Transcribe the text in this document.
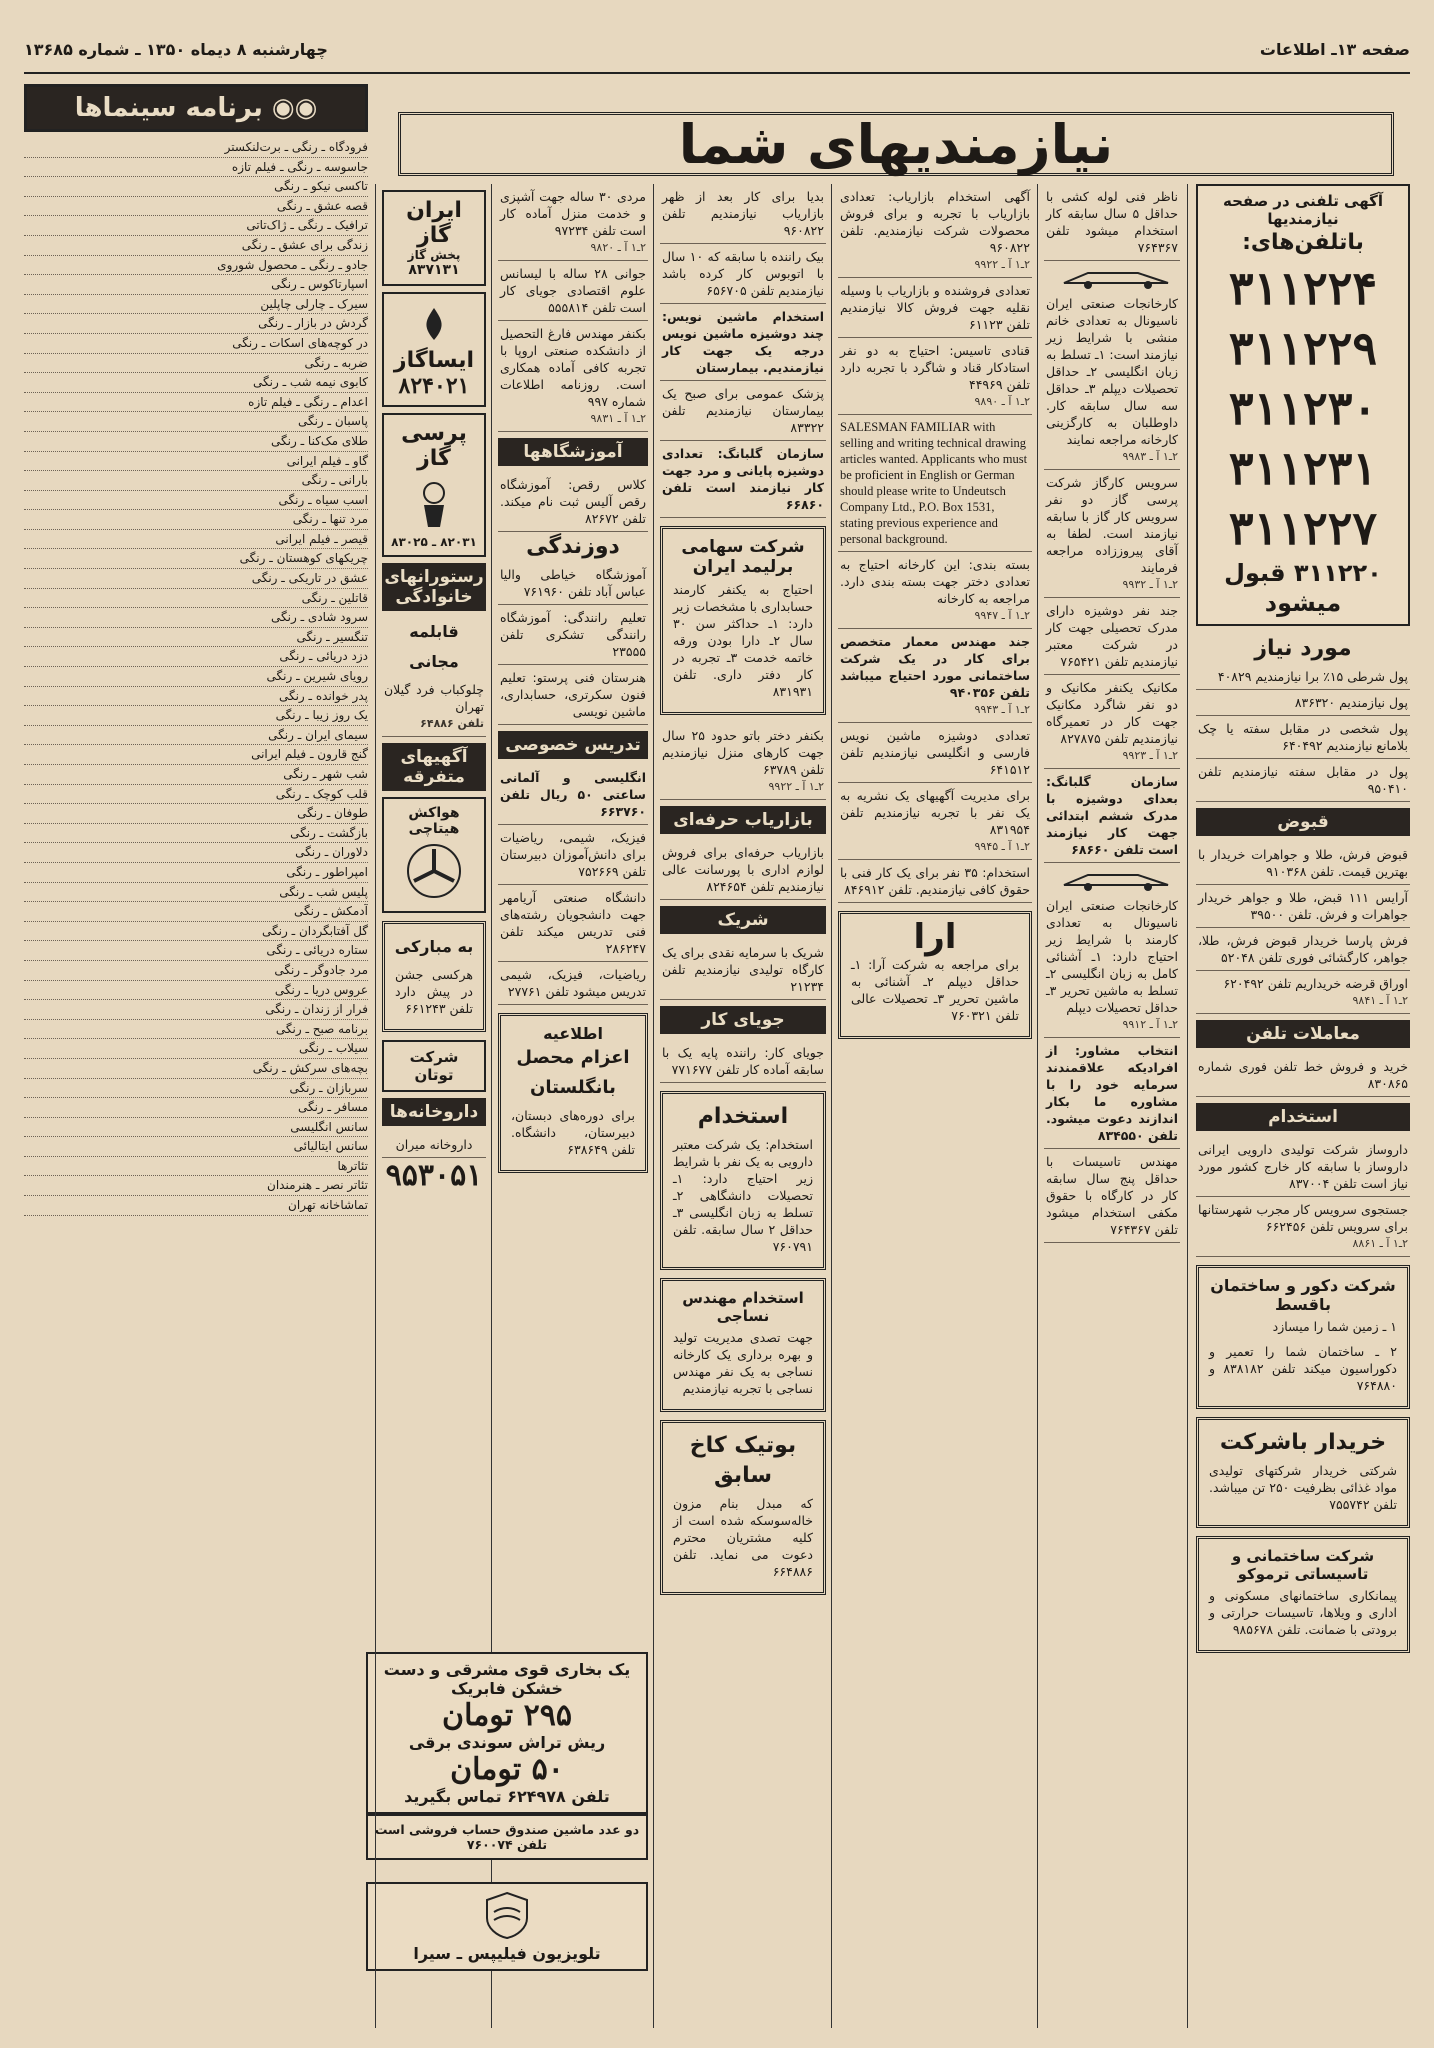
صفحه ۱۳ـ اطلاعات
چهارشنبه ۸ دیماه ۱۳۵۰ ـ شماره ۱۳۶۸۵
نیازمندیهای شما
آگهی تلفنی در صفحه نیازمندیها
باتلفن‌های:
۳۱۱۲۲۴
۳۱۱۲۲۹
۳۱۱۲۳۰
۳۱۱۲۳۱
۳۱۱۲۲۷
۳۱۱۲۲۰ قبول میشود
مورد نیاز
پول شرطی ۱۵٪ برا نیازمندیم ۴۰۸۲۹
پول نیازمندیم ۸۳۶۳۲۰
پول شخصی در مقابل سفته یا چک بلامانع نیازمندیم ۶۴۰۴۹۲
پول در مقابل سفته نیازمندیم تلفن ۹۵۰۴۱۰
قبوض
قبوض فرش، طلا و جواهرات خریدار با بهترین قیمت. تلفن ۹۱۰۳۶۸
آرایس ۱۱۱ قبض، طلا و جواهر خریدار جواهرات و فرش. تلفن ۳۹۵۰۰
فرش پارسا خریدار قبوض فرش، طلا، جواهر، کارگشائی فوری تلفن ۵۲۰۴۸
اوراق قرضه خریداریم تلفن ۶۲۰۴۹۲
۲ـ۱ آ ـ ۹۸۴۱
معاملات تلفن
خرید و فروش خط تلفن فوری شماره ۸۳۰۸۶۵
استخدام
داروساز شرکت تولیدی دارویی ایرانی داروساز با سابقه کار خارج کشور مورد نیاز است تلفن ۸۳۷۰۰۴
جستجوی سرویس کار مجرب شهرستانها برای سرویس تلفن ۶۶۲۴۵۶
۲ـ۱ آ ـ ۸۸۶۱
شرکت دکور و ساختمان باقسط
۱ ـ زمین شما را میسازد
۲ ـ ساختمان شما را تعمیر و دکوراسیون میکند تلفن ۸۳۸۱۸۲ و ۷۶۴۸۸۰
خریدار باشرکت
شرکتی خریدار شرکتهای تولیدی مواد غذائی بظرفیت ۲۵۰ تن میباشد. تلفن ۷۵۵۷۴۲
شرکت ساختمانی و تاسیساتی ترموکو
پیمانکاری ساختمانهای مسکونی و اداری و ویلاها، تاسیسات حرارتی و برودتی با ضمانت. تلفن ۹۸۵۶۷۸
ناظر فنی لوله کشی با حداقل ۵ سال سابقه کار استخدام میشود تلفن ۷۶۴۳۶۷
کارخانجات صنعتی ایران ناسیونال به تعدادی خانم منشی با شرایط زیر نیازمند است: ۱ـ تسلط به زبان انگلیسی ۲ـ حداقل تحصیلات دیپلم ۳ـ حداقل سه سال سابقه کار. داوطلبان به کارگزینی کارخانه مراجعه نمایند
۲ـ۱ آ ـ ۹۹۸۳
سرویس کارگاز شرکت پرسی گاز دو نفر سرویس کار گاز با سابقه نیازمند است. لطفا به آقای پیروززاده مراجعه فرمایند
۲ـ۱ آ ـ ۹۹۳۲
جند نفر دوشیزه دارای مدرک تحصیلی جهت کار در شرکت معتبر نیازمندیم تلفن ۷۶۵۴۲۱
مکانیک یکنفر مکانیک و دو نفر شاگرد مکانیک جهت کار در تعمیرگاه نیازمندیم تلفن ۸۲۷۸۷۵
۲ـ۱ آ ـ ۹۹۲۳
سازمان گلبانگ: بعدای دوشیزه با مدرک ششم ابتدائی جهت کار نیازمند است تلفن ۶۸۶۶۰
کارخانجات صنعتی ایران ناسیونال به تعدادی کارمند با شرایط زیر احتیاج دارد: ۱ـ آشنائی کامل به زبان انگلیسی ۲ـ تسلط به ماشین تحریر ۳ـ حداقل تحصیلات دیپلم
۲ـ۱ آ ـ ۹۹۱۲
انتخاب مشاور: از افرادیکه علاقمندند سرمایه خود را با مشاوره ما بکار اندازند دعوت میشود. تلفن ۸۳۴۵۵۰
مهندس تاسیسات با حداقل پنج سال سابقه کار در کارگاه با حقوق مکفی استخدام میشود تلفن ۷۶۴۳۶۷
آگهی استخدام بازاریاب: تعدادی بازاریاب با تجربه و برای فروش محصولات شرکت نیازمندیم. تلفن ۹۶۰۸۲۲
۲ـ۱ آ ـ ۹۹۲۲
تعدادی فروشنده و بازاریاب با وسیله نقلیه جهت فروش کالا نیازمندیم تلفن ۶۱۱۲۳
قنادی تاسیس: احتیاج به دو نفر استادکار قناد و شاگرد با تجربه دارد تلفن ۴۴۹۶۹
۲ـ۱ آ ـ ۹۸۹۰
SALESMAN FAMILIAR with selling and writing technical drawing articles wanted. Applicants who must be proficient in English or German should please write to Undeutsch Company Ltd., P.O. Box 1531, stating previous experience and personal background.
بسته بندی: این کارخانه احتیاج به تعدادی دختر جهت بسته بندی دارد. مراجعه به کارخانه
۲ـ۱ آ ـ ۹۹۴۷
جند مهندس معمار متخصص برای کار در یک شرکت ساختمانی مورد احتیاج میباشد تلفن ۹۴۰۳۵۶
۲ـ۱ آ ـ ۹۹۴۳
تعدادی دوشیزه ماشین نویس فارسی و انگلیسی نیازمندیم تلفن ۶۴۱۵۱۲
برای مدیریت آگهیهای یک نشریه به یک نفر با تجربه نیازمندیم تلفن ۸۳۱۹۵۴
۲ـ۱ آ ـ ۹۹۴۵
استخدام: ۳۵ نفر برای یک کار فنی با حقوق کافی نیازمندیم. تلفن ۸۴۶۹۱۲
ارا
برای مراجعه به شرکت آرا: ۱ـ حداقل دیپلم ۲ـ آشنائی به ماشین تحریر ۳ـ تحصیلات عالی تلفن ۷۶۰۳۲۱
بدیا برای کار بعد از ظهر بازاریاب نیازمندیم تلفن ۹۶۰۸۲۲
بیک راننده با سابقه که ۱۰ سال با اتوبوس کار کرده باشد نیازمندیم تلفن ۶۵۶۷۰۵
استخدام ماشین نویس: چند دوشیزه ماشین نویس درجه یک جهت کار نیازمندیم. بیمارستان
پزشک عمومی برای صبح یک بیمارستان نیازمندیم تلفن ۸۳۳۲۲
سازمان گلبانگ: تعدادی دوشیزه پایانی و مرد جهت کار نیازمند است تلفن ۶۶۸۶۰
شرکت سهامی برلیمد ایران
احتیاج به یکنفر کارمند حسابداری با مشخصات زیر دارد: ۱ـ حداکثر سن ۳۰ سال ۲ـ دارا بودن ورقه خاتمه خدمت ۳ـ تجربه در کار دفتر داری. تلفن ۸۳۱۹۳۱
بکنفر دختر باتو حدود ۲۵ سال جهت کارهای منزل نیازمندیم تلفن ۶۳۷۸۹
۲ـ۱ آ ـ ۹۹۲۲
بازاریاب حرفه‌ای
بازاریاب حرفه‌ای برای فروش لوازم اداری با پورسانت عالی نیازمندیم تلفن ۸۲۴۶۵۴
شریک
شریک با سرمایه نقدی برای یک کارگاه تولیدی نیازمندیم تلفن ۲۱۲۳۴
جویای کار
جویای کار: راننده پایه یک با سابقه آماده کار تلفن ۷۷۱۶۷۷
استخدام
استخدام: یک شرکت معتبر دارویی به یک نفر با شرایط زیر احتیاج دارد: ۱ـ تحصیلات دانشگاهی ۲ـ تسلط به زبان انگلیسی ۳ـ حداقل ۲ سال سابقه. تلفن ۷۶۰۷۹۱
استخدام مهندس نساجی
جهت تصدی مدیریت تولید و بهره برداری یک کارخانه نساجی به یک نفر مهندس نساجی با تجربه نیازمندیم
بوتیک کاخ سابق
که مبدل بنام مزون خاله‌سوسکه شده است از کلیه مشتریان محترم دعوت می نماید. تلفن ۶۶۴۸۸۶
مردی ۳۰ ساله جهت آشپزی و خدمت منزل آماده کار است تلفن ۹۷۲۳۴
۲ـ۱ آ ـ ۹۸۲۰
جوانی ۲۸ ساله با لیسانس علوم اقتصادی جویای کار است تلفن ۵۵۵۸۱۴
بکنفر مهندس فارغ التحصیل از دانشکده صنعتی اروپا با تجربه کافی آماده همکاری است. روزنامه اطلاعات شماره ۹۹۷
۲ـ۱ آ ـ ۹۸۳۱
آموزشگاهها
کلاس رقص: آموزشگاه رقص آلیس ثبت نام میکند. تلفن ۸۲۶۷۲
دوزندگی
آموزشگاه خیاطی والیا عباس آباد تلفن ۷۶۱۹۶۰
تعلیم رانندگی: آموزشگاه رانندگی تشکری تلفن ۲۳۵۵۵
هنرستان فنی پرستو: تعلیم فنون سکرتری، حسابداری، ماشین نویسی
تدریس خصوصی
انگلیسی و آلمانی ساعتی ۵۰ ریال تلفن ۶۶۳۷۶۰
فیزیک، شیمی، ریاضیات برای دانش‌آموزان دبیرستان تلفن ۷۵۲۶۶۹
دانشگاه صنعتی آریامهر جهت دانشجویان رشته‌های فنی تدریس میکند تلفن ۲۸۶۲۴۷
ریاضیات، فیزیک، شیمی تدریس میشود تلفن ۲۷۷۶۱
اطلاعیه
اعزام محصل بانگلستان
برای دوره‌های دبستان، دبیرستان، دانشگاه. تلفن ۶۳۸۶۴۹
ایران گاز
پخش گاز
۸۳۷۱۳۱
ایساگاز
۸۲۴۰۲۱
پرسی گاز
۸۲۰۳۱ ـ ۸۳۰۲۵
رستورانهای خانوادگی
قابلمه مجانی
چلوکباب فرد گیلان تهران
تلفن ۶۴۸۸۶
آگهیهای متفرقه
هواکش هیتاچی
به مبارکی
هرکسی جشن در پیش دارد تلفن ۶۶۱۲۴۳
شرکت توتان
داروخانه‌ها
داروخانه میران
۹۵۳۰۵۱
یک بخاری قوی مشرقی و دست خشکن فابریک
۲۹۵ تومان
ریش تراش سوندی برقی
۵۰ تومان
تلفن ۶۲۴۹۷۸ تماس بگیرید
دو عدد ماشین صندوق حساب فروشی است تلفن ۷۶۰۰۷۴
تلویزیون فیلیپس ـ سیرا
◉◉ برنامه سینماها
فرودگاه ـ رنگی ـ برت‌لنکستر
جاسوسه ـ رنگی ـ فیلم تازه
تاکسی نیکو ـ رنگی
قصه عشق ـ رنگی
ترافیک ـ رنگی ـ ژاک‌تاتی
زندگی برای عشق ـ رنگی
جادو ـ رنگی ـ محصول شوروی
اسپارتاکوس ـ رنگی
سیرک ـ چارلی چاپلین
گردش در بازار ـ رنگی
در کوچه‌های اسکات ـ رنگی
ضربه ـ رنگی
کابوی نیمه شب ـ رنگی
اعدام ـ رنگی ـ فیلم تازه
پاسبان ـ رنگی
طلای مک‌کنا ـ رنگی
گاو ـ فیلم ایرانی
بارانی ـ رنگی
اسب سیاه ـ رنگی
مرد تنها ـ رنگی
قیصر ـ فیلم ایرانی
چریکهای کوهستان ـ رنگی
عشق در تاریکی ـ رنگی
قاتلین ـ رنگی
سرود شادی ـ رنگی
تنگسیر ـ رنگی
دزد دریائی ـ رنگی
رویای شیرین ـ رنگی
پدر خوانده ـ رنگی
یک روز زیبا ـ رنگی
سیمای ایران ـ رنگی
گنج قارون ـ فیلم ایرانی
شب شهر ـ رنگی
قلب کوچک ـ رنگی
طوفان ـ رنگی
بازگشت ـ رنگی
دلاوران ـ رنگی
امپراطور ـ رنگی
پلیس شب ـ رنگی
آدمکش ـ رنگی
گل آفتابگردان ـ رنگی
ستاره دریائی ـ رنگی
مرد جادوگر ـ رنگی
عروس دریا ـ رنگی
فرار از زندان ـ رنگی
برنامه صبح ـ رنگی
سیلاب ـ رنگی
بچه‌های سرکش ـ رنگی
سربازان ـ رنگی
مسافر ـ رنگی
سانس انگلیسی
سانس ایتالیائی
تئاترها
تئاتر نصر ـ هنرمندان
تماشاخانه تهران
